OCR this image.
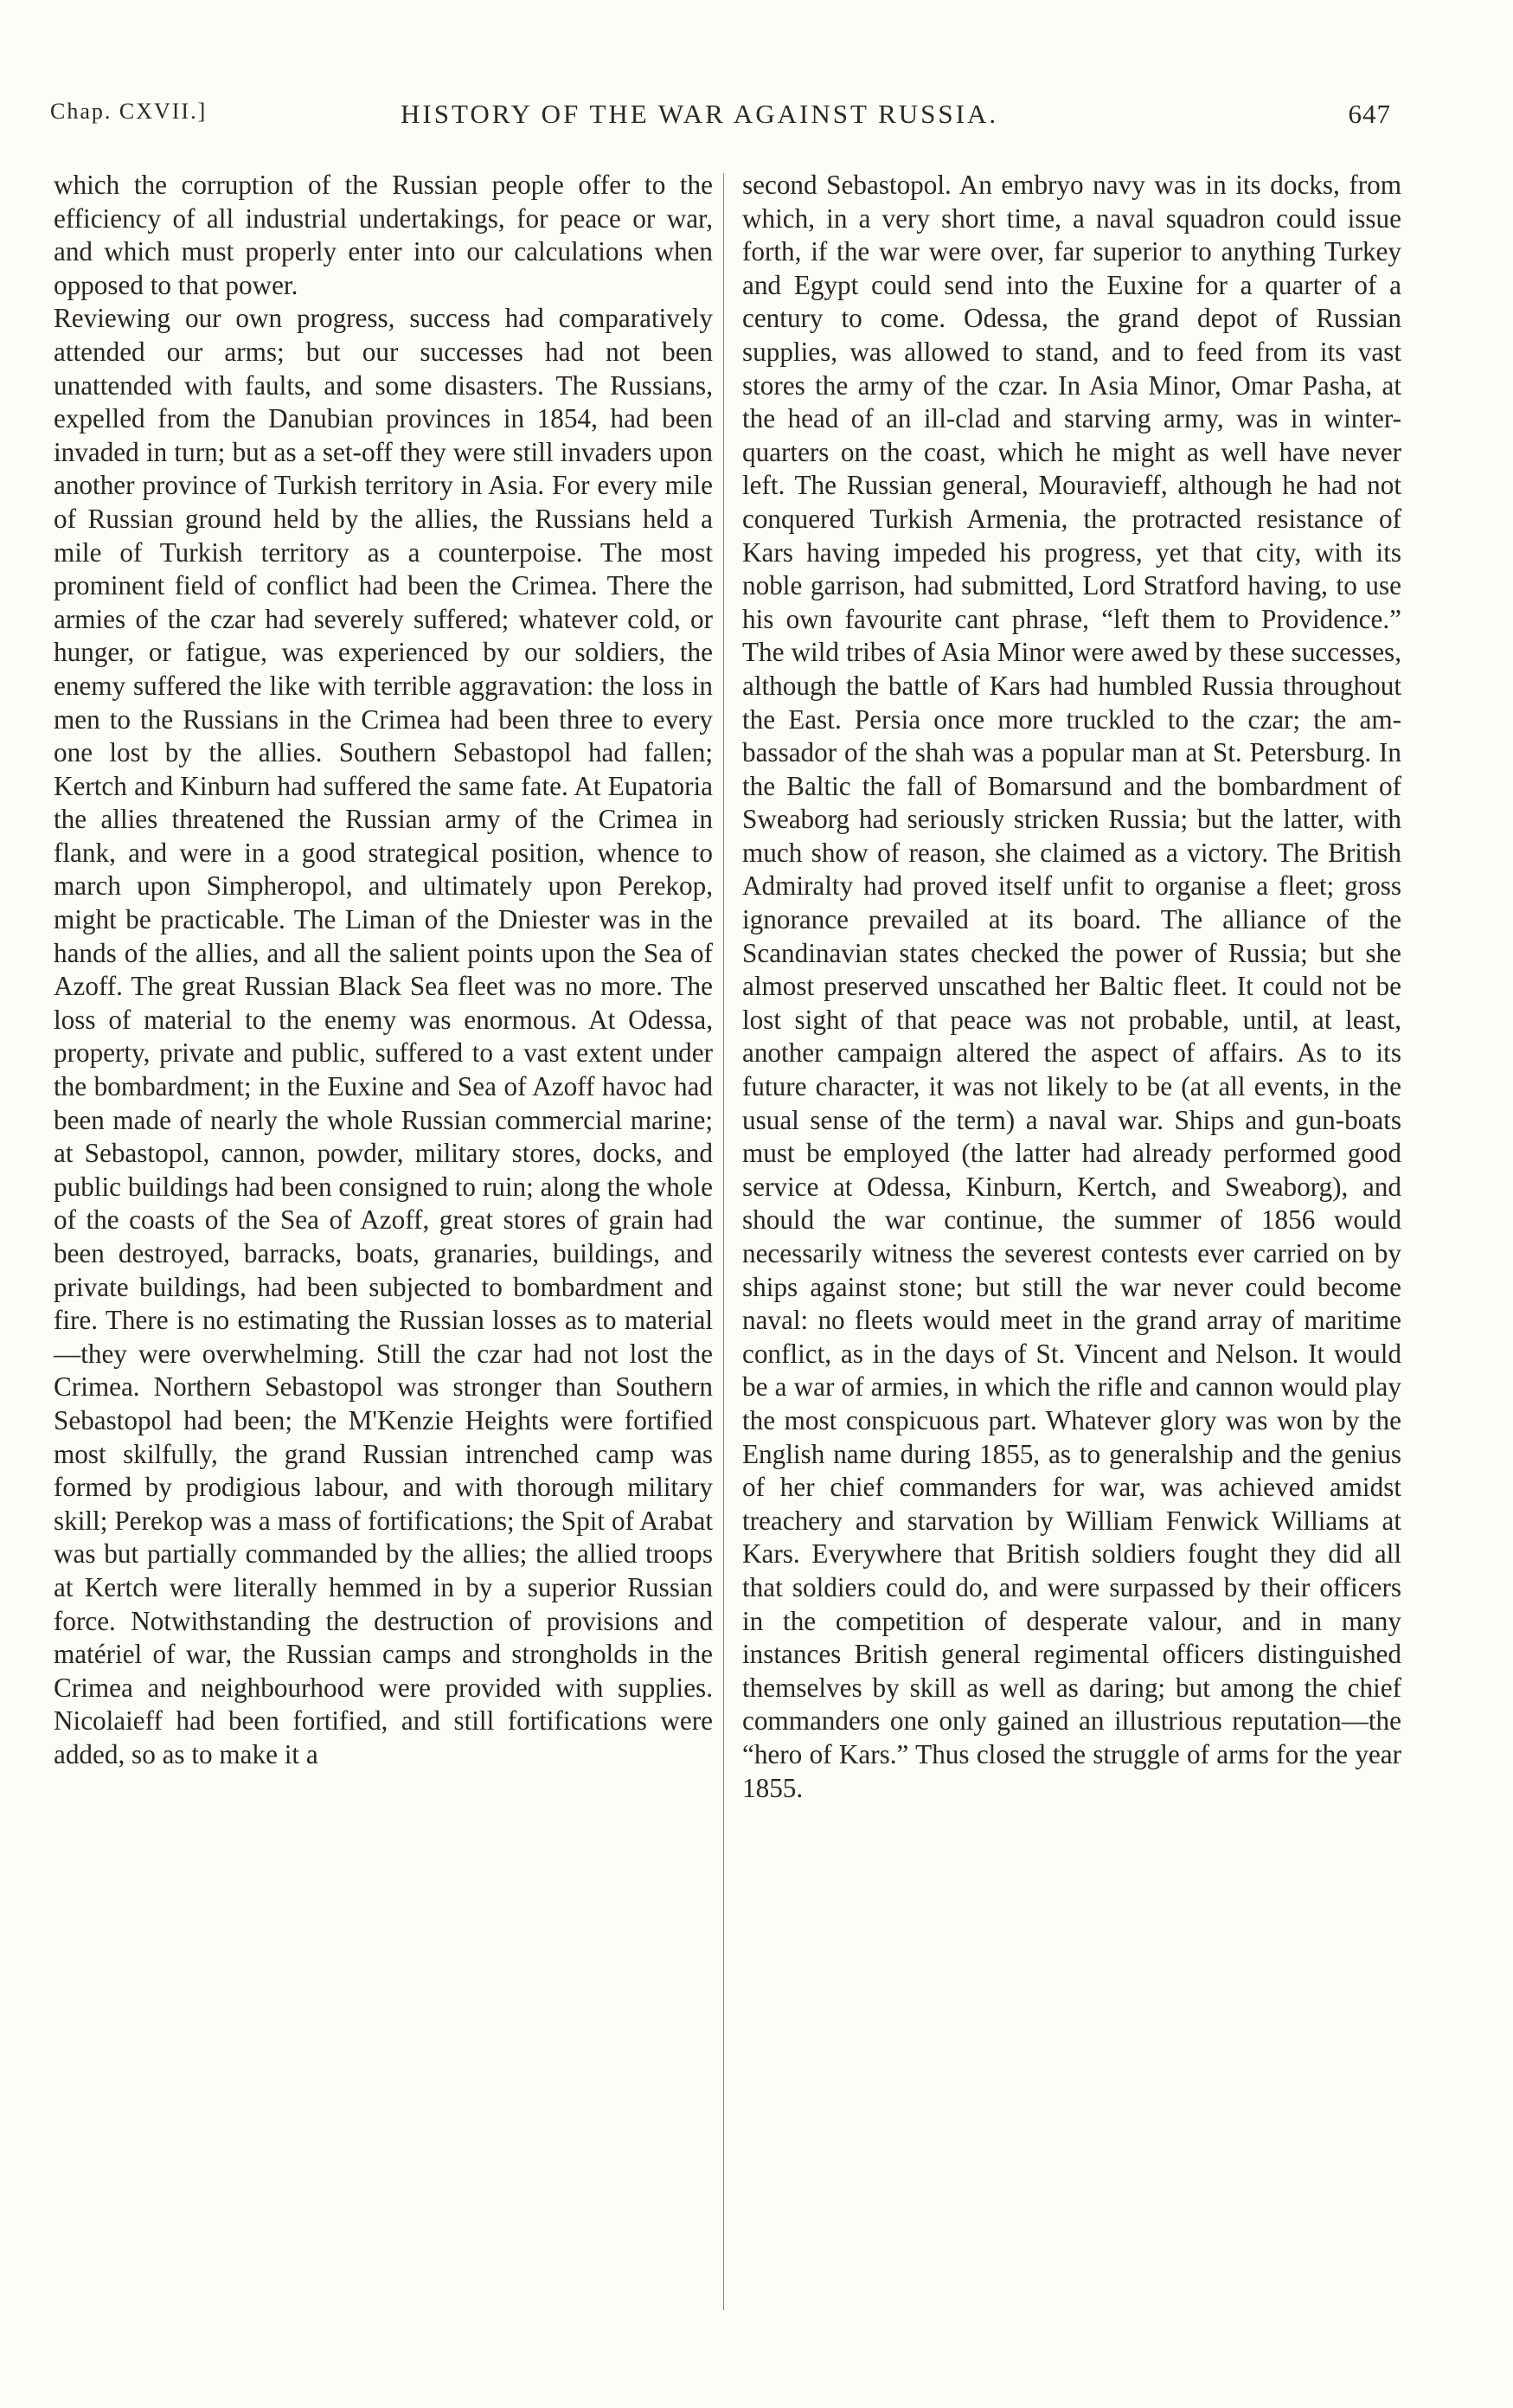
Chap. CXVII.]	HISTORY OF THE WAR AGAINST RUSSIA.	647

which the corruption of the Russian people offer to the efficiency of all industrial undertakings, for peace or war, and which must properly enter into our calculations when opposed to that power.

Reviewing our own progress, success had comparatively attended our arms; but our successes had not been unattended with faults, and some disasters. The Russians, expelled from the Danubian provinces in 1854, had been invaded in turn; but as a set-off they were still invaders upon another province of Turkish territory in Asia. For every mile of Russian ground held by the allies, the Russians held a mile of Turkish territory as a counterpoise. The most prominent field of conflict had been the Crimea. There the armies of the czar had severely suffered; whatever cold, or hunger, or fatigue, was experienced by our soldiers, the enemy suffered the like with terrible aggravation: the loss in men to the Russians in the Crimea had been three to every one lost by the allies. Southern Sebastopol had fallen; Kertch and Kinburn had suffered the same fate. At Eupatoria the allies threatened the Russian army of the Crimea in flank, and were in a good strategical position, whence to march upon Simpheropol, and ultimately upon Perekop, might be practicable. The Liman of the Dniester was in the hands of the allies, and all the salient points upon the Sea of Azoff. The great Russian Black Sea fleet was no more. The loss of material to the enemy was enormous. At Odessa, property, private and public, suffered to a vast extent under the bombardment; in the Euxine and Sea of Azoff havoc had been made of nearly the whole Russian commercial marine; at Sebastopol, cannon, powder, military stores, docks, and public buildings had been consigned to ruin; along the whole of the coasts of the Sea of Azoff, great stores of grain had been destroyed, barracks, boats, granaries, buildings, and private buildings, had been subjected to bombardment and fire. There is no estimating the Russian losses as to material—they were overwhelming. Still the czar had not lost the Crimea. Northern Sebastopol was stronger than Southern Sebastopol had been; the M'Kenzie Heights were fortified most skilfully, the grand Russian intrenched camp was formed by prodigious labour, and with thorough military skill; Perekop was a mass of fortifications; the Spit of Arabat was but partially commanded by the allies; the allied troops at Kertch were literally hemmed in by a superior Russian force. Notwithstanding the destruction of provisions and matériel of war, the Russian camps and strongholds in the Crimea and neighbourhood were provided with supplies. Nicolaieff had been fortified, and still fortifications were added, so as to make it a

second Sebastopol. An embryo navy was in its docks, from which, in a very short time, a naval squadron could issue forth, if the war were over, far superior to anything Turkey and Egypt could send into the Euxine for a quarter of a century to come. Odessa, the grand depot of Russian supplies, was allowed to stand, and to feed from its vast stores the army of the czar. In Asia Minor, Omar Pasha, at the head of an ill-clad and starving army, was in winter-quarters on the coast, which he might as well have never left. The Russian general, Mouravieff, although he had not conquered Turkish Armenia, the protracted resistance of Kars having impeded his progress, yet that city, with its noble garrison, had submitted, Lord Stratford having, to use his own favourite cant phrase, “left them to Providence.” The wild tribes of Asia Minor were awed by these successes, although the battle of Kars had humbled Russia throughout the East. Persia once more truckled to the czar; the ambassador of the shah was a popular man at St. Petersburg. In the Baltic the fall of Bomarsund and the bombardment of Sweaborg had seriously stricken Russia; but the latter, with much show of reason, she claimed as a victory. The British Admiralty had proved itself unfit to organise a fleet; gross ignorance prevailed at its board. The alliance of the Scandinavian states checked the power of Russia; but she almost preserved unscathed her Baltic fleet. It could not be lost sight of that peace was not probable, until, at least, another campaign altered the aspect of affairs. As to its future character, it was not likely to be (at all events, in the usual sense of the term) a naval war. Ships and gun-boats must be employed (the latter had already performed good service at Odessa, Kinburn, Kertch, and Sweaborg), and should the war continue, the summer of 1856 would necessarily witness the severest contests ever carried on by ships against stone; but still the war never could become naval: no fleets would meet in the grand array of maritime conflict, as in the days of St. Vincent and Nelson. It would be a war of armies, in which the rifle and cannon would play the most conspicuous part. Whatever glory was won by the English name during 1855, as to generalship and the genius of her chief commanders for war, was achieved amidst treachery and starvation by William Fenwick Williams at Kars. Everywhere that British soldiers fought they did all that soldiers could do, and were surpassed by their officers in the competition of desperate valour, and in many instances British general regimental officers distinguished themselves by skill as well as daring; but among the chief commanders one only gained an illustrious reputation—the “hero of Kars.” Thus closed the struggle of arms for the year 1855.
